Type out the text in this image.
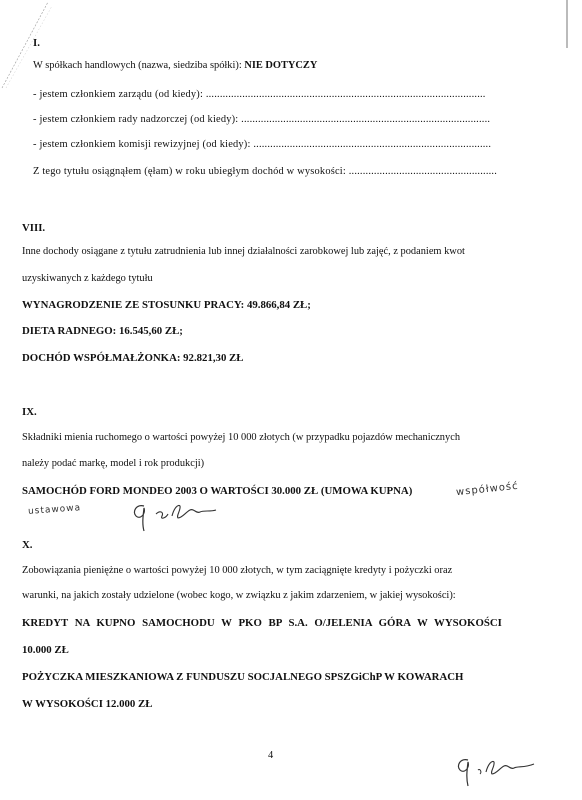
I.
W spółkach handlowych (nazwa, siedziba spółki): NIE DOTYCZY
- jestem członkiem zarządu (od kiedy): ....................................................................................................
- jestem członkiem rady nadzorczej (od kiedy): .........................................................................................
- jestem członkiem komisji rewizyjnej (od kiedy): .....................................................................................
Z tego tytułu osiągnąłem (ęłam) w roku ubiegłym dochód w wysokości: .....................................................
VIII.
Inne dochody osiągane z tytułu zatrudnienia lub innej działalności zarobkowej lub zajęć, z podaniem kwot
uzyskiwanych z każdego tytułu
WYNAGRODZENIE ZE STOSUNKU PRACY: 49.866,84 ZŁ;
DIETA RADNEGO: 16.545,60 ZŁ;
DOCHÓD WSPÓŁMAŁŻONKA: 92.821,30 ZŁ
IX.
Składniki mienia ruchomego o wartości powyżej 10 000 złotych (w przypadku pojazdów mechanicznych
należy podać markę, model i rok produkcji)
SAMOCHÓD FORD MONDEO 2003 O WARTOŚCI 30.000 ZŁ (UMOWA KUPNA)	współwość
ustawowa
X.
Zobowiązania pieniężne o wartości powyżej 10 000 złotych, w tym zaciągnięte kredyty i pożyczki oraz
warunki, na jakich zostały udzielone (wobec kogo, w związku z jakim zdarzeniem, w jakiej wysokości):
KREDYT NA KUPNO SAMOCHODU W PKO BP S.A. O/JELENIA GÓRA W WYSOKOŚCI
10.000 ZŁ
POŻYCZKA MIESZKANIOWA Z FUNDUSZU SOCJALNEGO SPSZGiChP W KOWARACH
W WYSOKOŚCI 12.000 ZŁ
4
